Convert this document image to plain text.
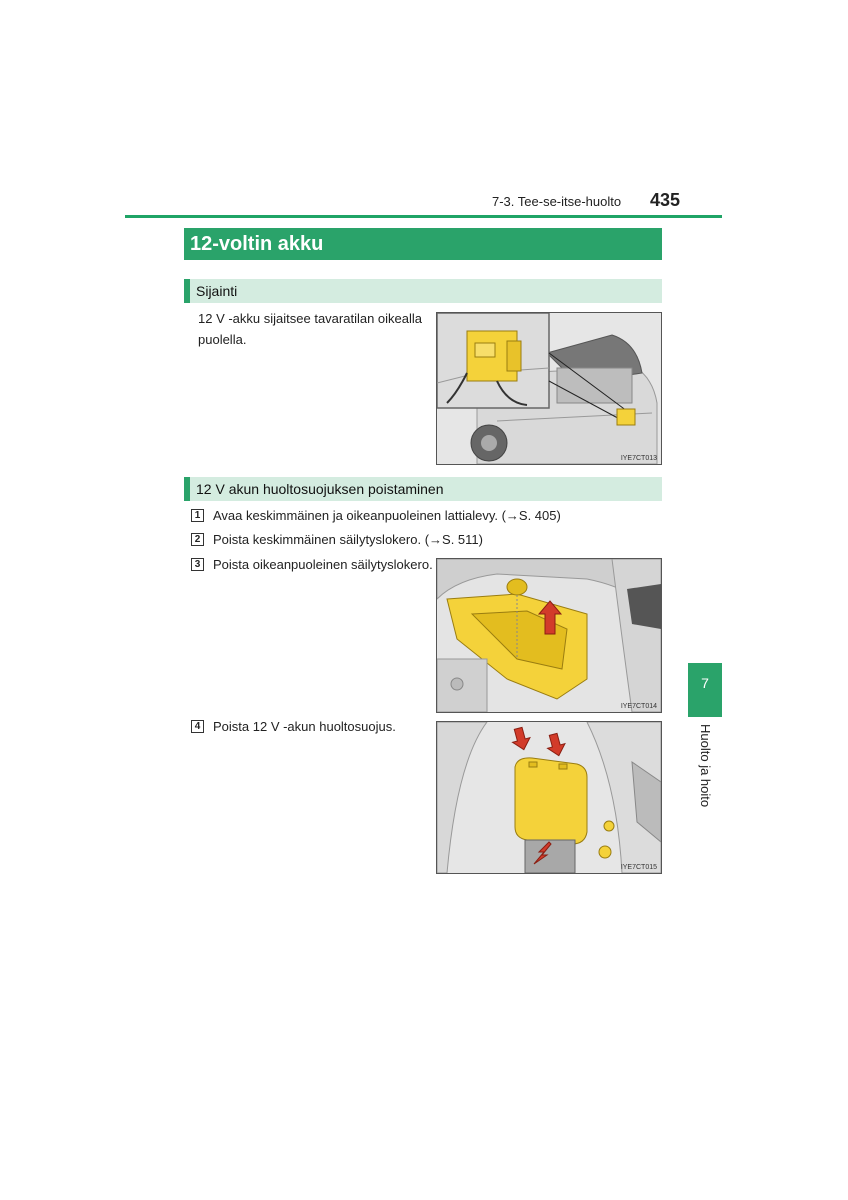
7-3. Tee-se-itse-huolto 435
12-voltin akku
Sijainti
12 V -akku sijaitsee tavaratilan oikealla puolella.
IYE7CT013
12 V akun huoltosuojuksen poistaminen
1 Avaa keskimmäinen ja oikeanpuoleinen lattialevy. (→S. 405)
2 Poista keskimmäinen säilytyslokero. (→S. 511)
3 Poista oikeanpuoleinen säilytyslokero.
IYE7CT014
4 Poista 12 V -akun huoltosuojus.
IYE7CT015
7
Huolto ja hoito
